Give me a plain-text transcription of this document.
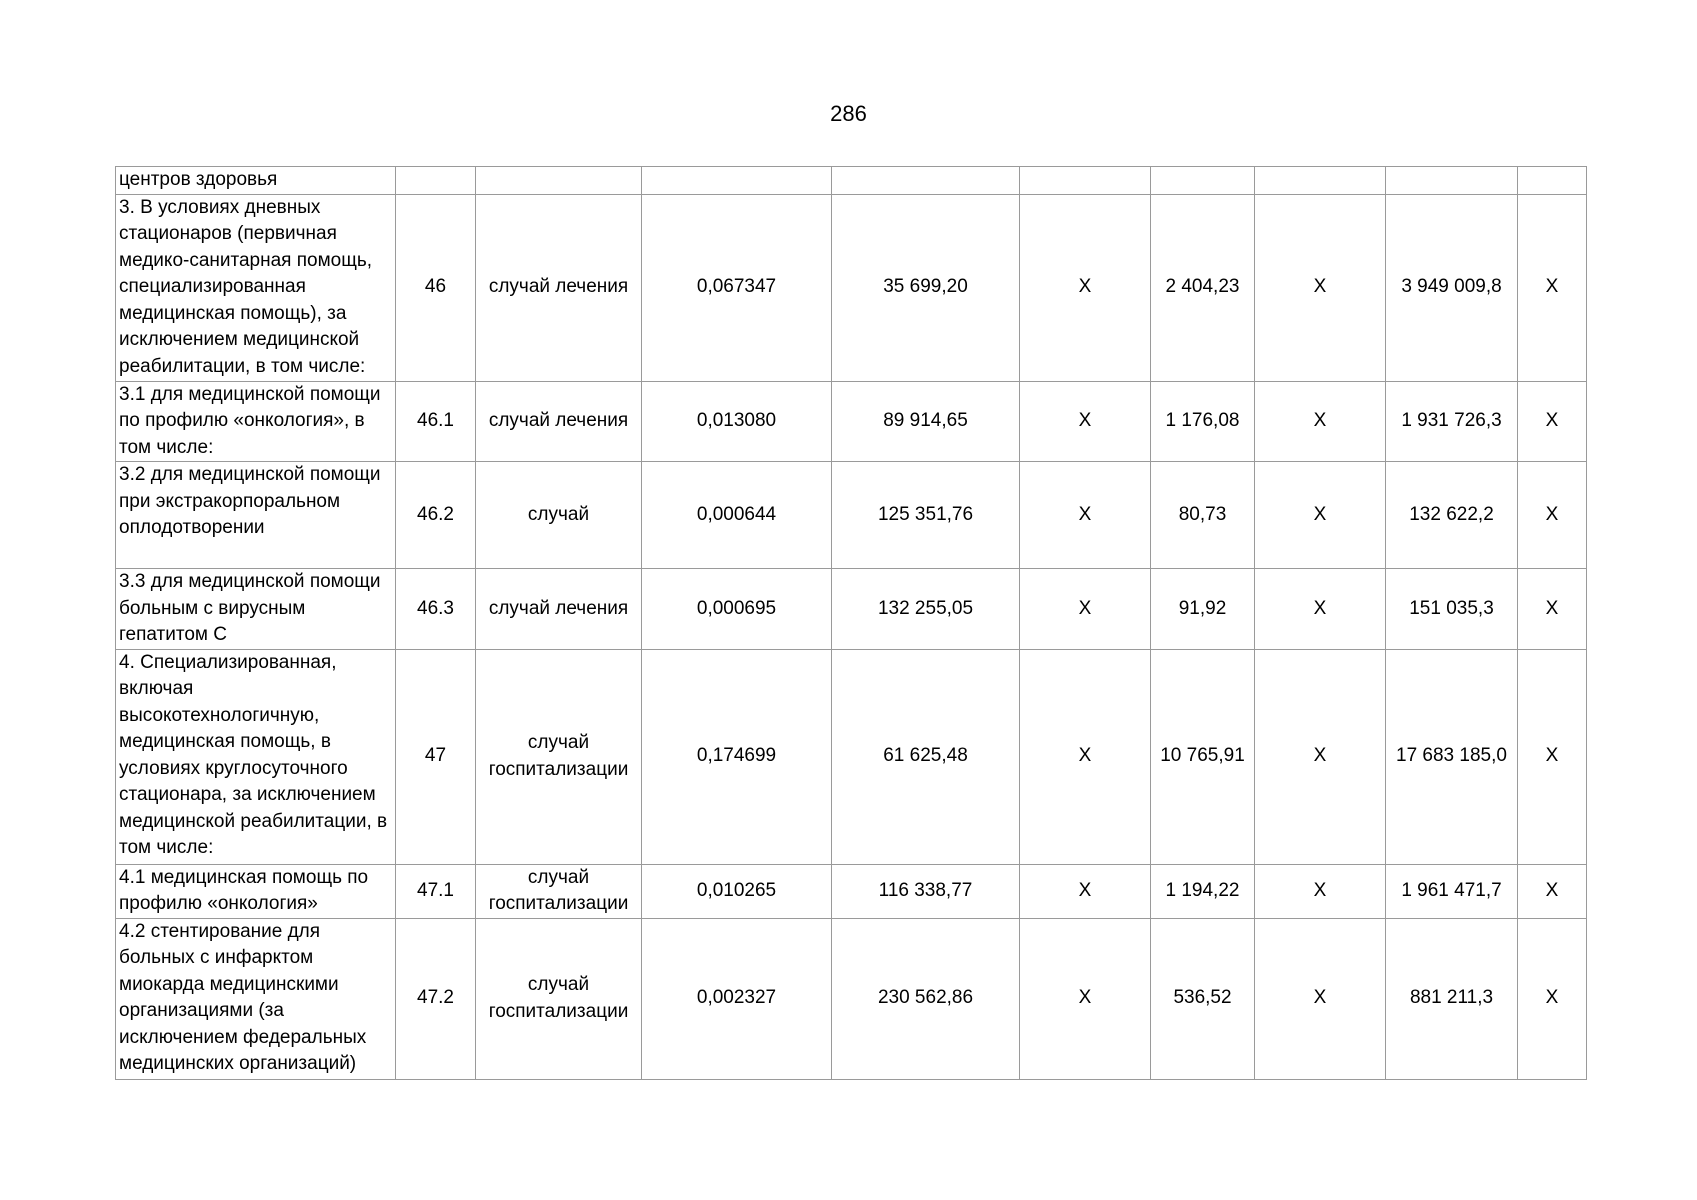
286
центров здоровья									
3. В условиях дневных стационаров (первичная медико-санитарная помощь, специализированная медицинская помощь), за исключением медицинской реабилитации, в том числе:	46	случай лечения	0,067347	35 699,20	X	2 404,23	X	3 949 009,8	X
3.1 для медицинской помощи по профилю «онкология», в том числе:	46.1	случай лечения	0,013080	89 914,65	X	1 176,08	X	1 931 726,3	X
3.2 для медицинской помощи при экстракорпоральном оплодотворении	46.2	случай	0,000644	125 351,76	X	80,73	X	132 622,2	X
3.3 для медицинской помощи больным с вирусным гепатитом С	46.3	случай лечения	0,000695	132 255,05	X	91,92	X	151 035,3	X
4. Специализированная, включая высокотехнологичную, медицинская помощь, в условиях круглосуточного стационара, за исключением медицинской реабилитации, в том числе:	47	случай госпитализации	0,174699	61 625,48	X	10 765,91	X	17 683 185,0	X
4.1 медицинская помощь по профилю «онкология»	47.1	случай госпитализации	0,010265	116 338,77	X	1 194,22	X	1 961 471,7	X
4.2 стентирование для больных с инфарктом миокарда медицинскими организациями (за исключением федеральных медицинских организаций)	47.2	случай госпитализации	0,002327	230 562,86	X	536,52	X	881 211,3	X
